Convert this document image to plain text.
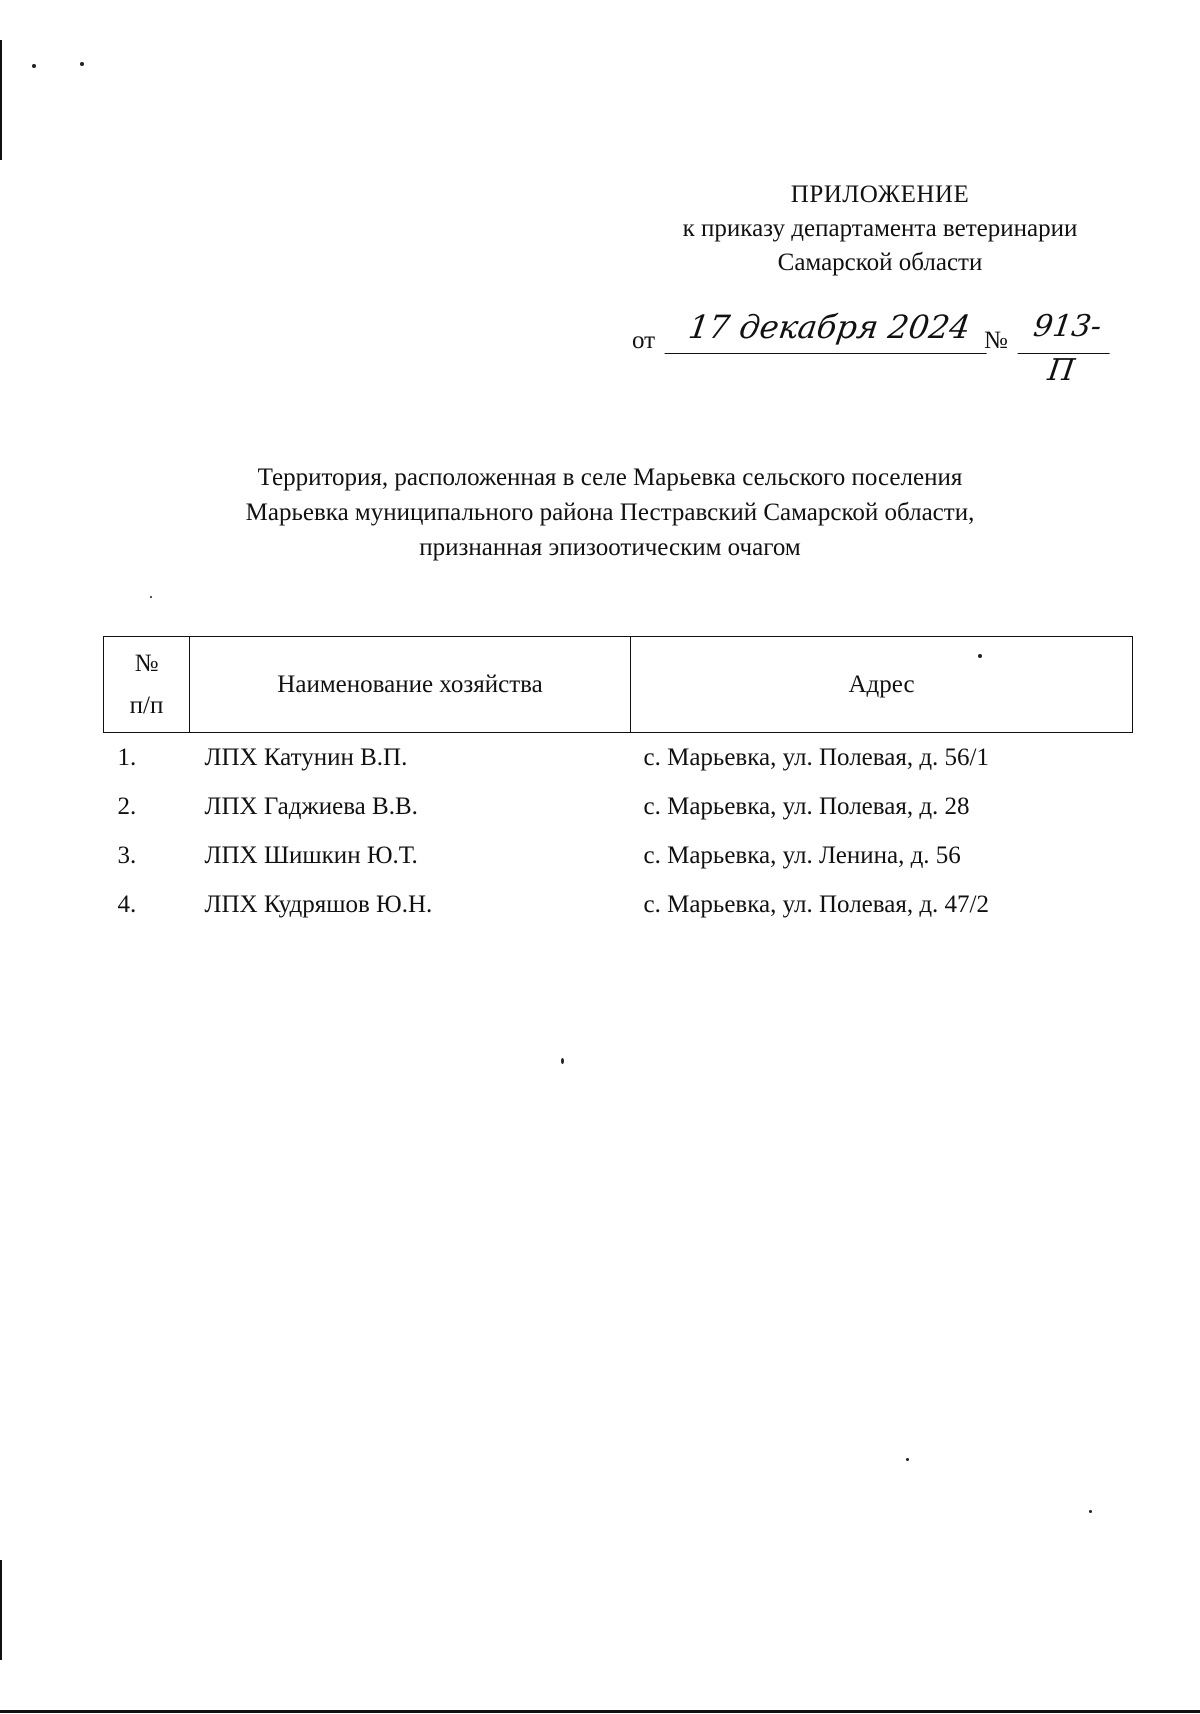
ПРИЛОЖЕНИЕ
к приказу департамента ветеринарии
Самарской области
от 17 декабря 2024 № 913-П
Территория, расположенная в селе Марьевка сельского поселения
Марьевка муниципального района Пестравский Самарской области,
признанная эпизоотическим очагом
№
п/п	Наименование хозяйства	Адрес
1.	ЛПХ Катунин В.П.	с. Марьевка, ул. Полевая, д. 56/1
2.	ЛПХ Гаджиева В.В.	с. Марьевка, ул. Полевая, д. 28
3.	ЛПХ Шишкин Ю.Т.	с. Марьевка, ул. Ленина, д. 56
4.	ЛПХ Кудряшов Ю.Н.	с. Марьевка, ул. Полевая, д. 47/2
